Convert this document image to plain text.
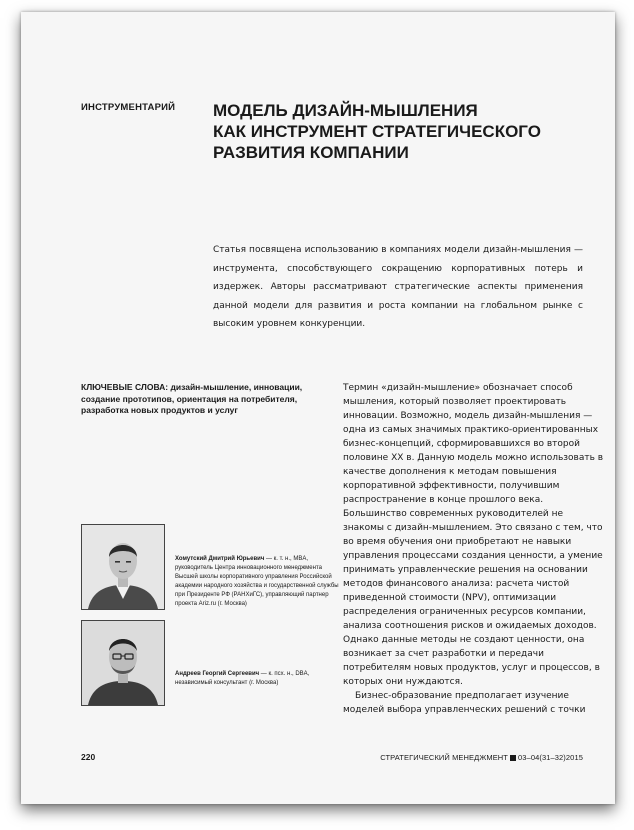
ИНСТРУМЕНТАРИЙ МОДЕЛЬ ДИЗАЙН-МЫШЛЕНИЯ
КАК ИНСТРУМЕНТ СТРАТЕГИЧЕСКОГО
РАЗВИТИЯ КОМПАНИИ

Статья посвящена использованию в компаниях модели дизайн-мышления — инструмента, способствующего сокращению корпоративных потерь и издержек. Авторы рассматривают стратегические аспекты применения данной модели для развития и роста компании на глобальном рынке с высоким уровнем конкуренции.

КЛЮЧЕВЫЕ СЛОВА: дизайн-мышление, инновации, создание прототипов, ориентация на потребителя, разработка новых продуктов и услуг

Хомутский Дмитрий Юрьевич — к. т. н., MBA, руководитель Центра инновационного менеджмента Высшей школы корпоративного управления Российской академии народного хозяйства и государственной службы при Президенте РФ (РАНХиГС), управляющий партнер проекта Ariz.ru (г. Москва)

Андреев Георгий Сергеевич — к. псх. н., DBA, независимый консультант (г. Москва)

Термин «дизайн-мышление» обозначает способ мышления, который позволяет проектировать инновации. Возможно, модель дизайн-мышления — одна из самых значимых практико-ориентированных бизнес-концепций, сформировавшихся во второй половине XX в. Данную модель можно использовать в качестве дополнения к методам повышения корпоративной эффективности, получившим распространение в конце прошлого века. Большинство современных руководителей не знакомы с дизайн-мышлением. Это связано с тем, что во время обучения они приобретают не навыки управления процессами создания ценности, а умение принимать управленческие решения на основании методов финансового анализа: расчета чистой приведенной стоимости (NPV), оптимизации распределения ограниченных ресурсов компании, анализа соотношения рисков и ожидаемых доходов. Однако данные методы не создают ценности, она возникает за счет разработки и передачи потребителям новых продуктов, услуг и процессов, в которых они нуждаются.

Бизнес-образование предполагает изучение моделей выбора управленческих решений с точки

220	СТРАТЕГИЧЕСКИЙ МЕНЕДЖМЕНТ 03–04(31–32)2015
